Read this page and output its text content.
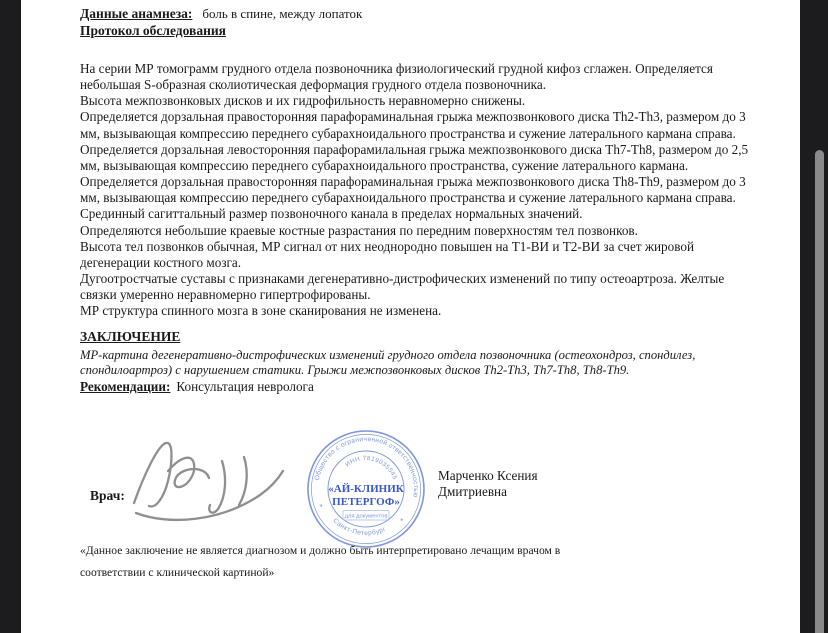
Данные анамнеза: боль в спине, между лопаток
Протокол обследования

На серии МР томограмм грудного отдела позвоночника физиологический грудной кифоз сглажен. Определяется небольшая S-образная сколиотическая деформация грудного отдела позвоночника.

Высота межпозвонковых дисков и их гидрофильность неравномерно снижены.

Определяется дорзальная правосторонняя парафораминальная грыжа межпозвонкового диска Th2-Th3, размером до 3 мм, вызывающая компрессию переднего субарахноидального пространства и сужение латерального кармана справа.

Определяется дорзальная левосторонняя парафорамилальная грыжа межпозвонкового диска Th7-Th8, размером до 2,5 мм, вызывающая компрессию переднего субарахноидального пространства, сужение латерального кармана.

Определяется дорзальная правосторонняя парафораминальная грыжа межпозвонкового диска Th8-Th9, размером до 3 мм, вызывающая компрессию переднего субарахноидального пространства и сужение латерального кармана справа.

Срединный сагиттальный размер позвоночного канала в пределах нормальных значений.

Определяются небольшие краевые костные разрастания по передним поверхностям тел позвонков.

Высота тел позвонков обычная, МР сигнал от них неоднородно повышен на Т1-ВИ и Т2-ВИ за счет жировой дегенерации костного мозга.

Дугоотростчатые суставы с признаками дегенеративно-дистрофических изменений по типу остеоартроза. Желтые связки умеренно неравномерно гипертрофированы.

МР структура спинного мозга в зоне сканирования не изменена.

ЗАКЛЮЧЕНИЕ

МР-картина дегенеративно-дистрофических изменений грудного отдела позвоночника (остеохондроз, спондилез, спондилоартроз) с нарушением статики. Грыжи межпозвонковых дисков Th2-Th3, Th7-Th8, Th8-Th9.

Рекомендации: Консультация невролога
Врач:
Общество с ограниченной ответственностью
Санкт-Петербург
*
*
ИНН 7819035545
«АЙ-КЛИНИК
ПЕТЕРГОФ»
для документов
Марченко Ксения Дмитриевна
«Данное заключение не является диагнозом и должно быть интерпретировано лечащим врачом в соответствии с клинической картиной»
